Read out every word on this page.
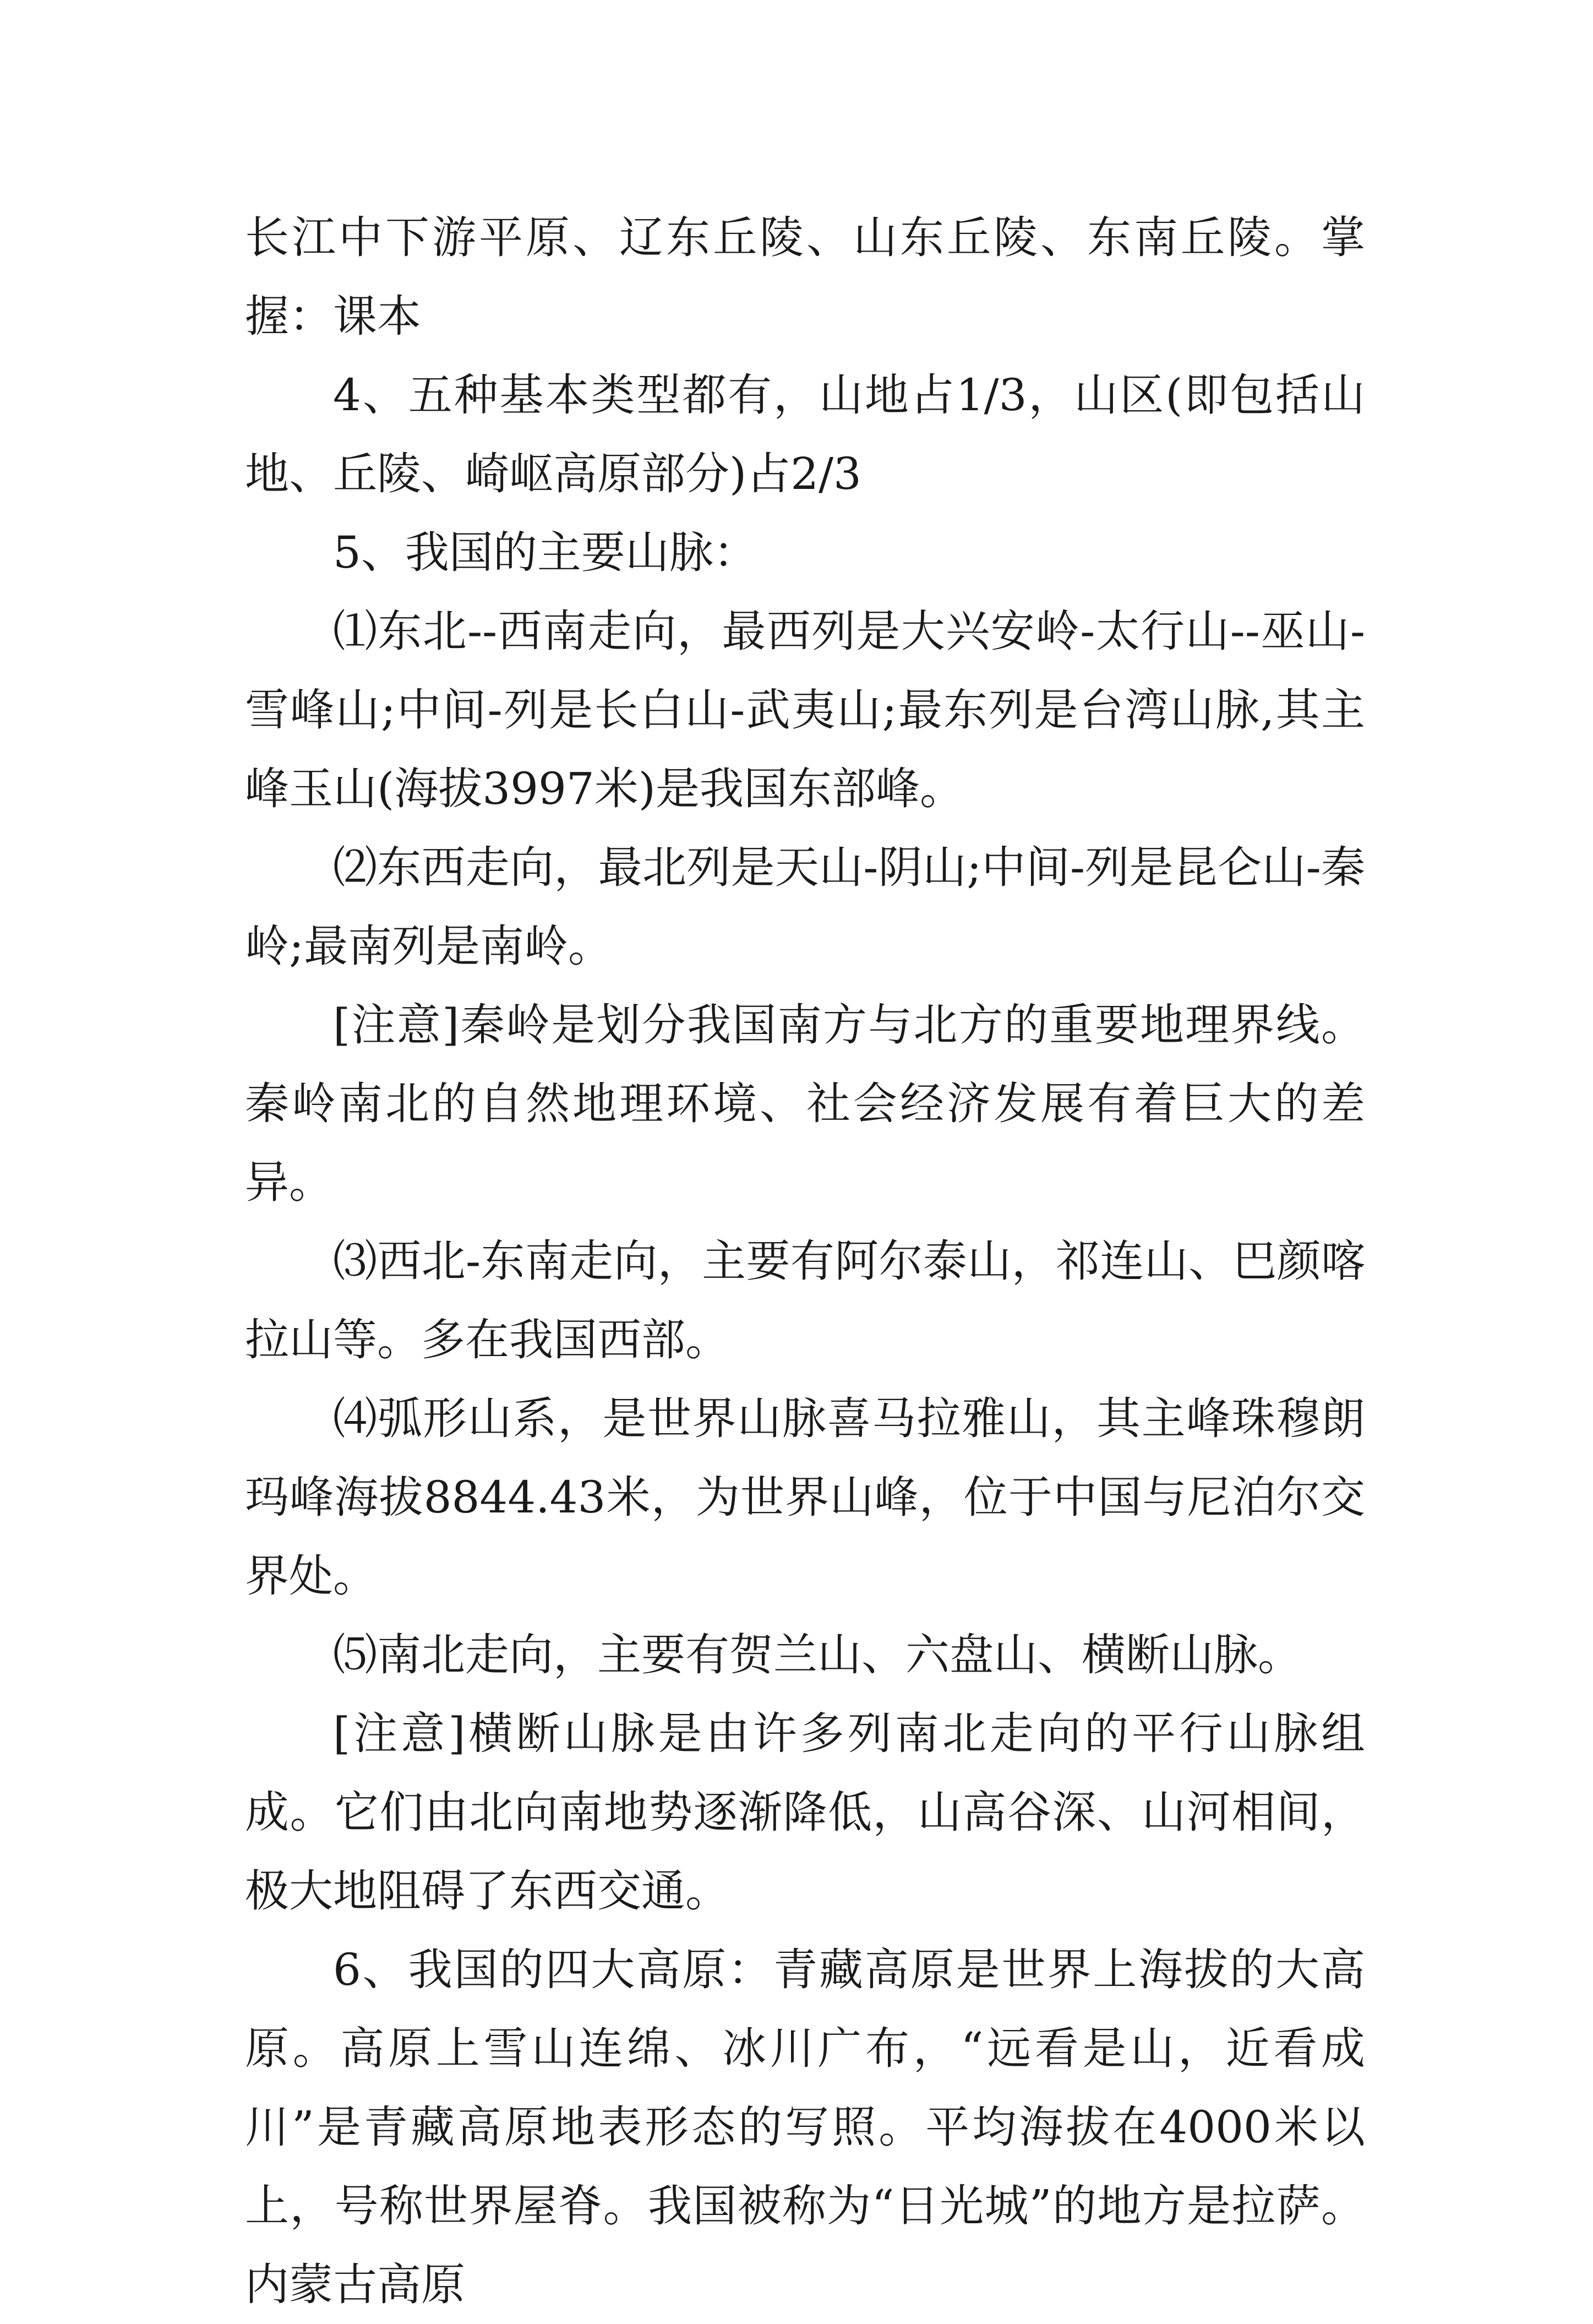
长江中下游平原、辽东丘陵、山东丘陵、东南丘陵。掌握：课本

4、五种基本类型都有，山地占1/3，山区(即包括山地、丘陵、崎岖高原部分)占2/3

5、我国的主要山脉：

⑴东北--西南走向，最西列是大兴安岭-太行山--巫山-雪峰山;中间-列是长白山-武夷山;最东列是台湾山脉,其主峰玉山(海拔3997米)是我国东部峰。

⑵东西走向，最北列是天山-阴山;中间-列是昆仑山-秦岭;最南列是南岭。

[注意]秦岭是划分我国南方与北方的重要地理界线。秦岭南北的自然地理环境、社会经济发展有着巨大的差异。

⑶西北-东南走向，主要有阿尔泰山，祁连山、巴颜喀拉山等。多在我国西部。

⑷弧形山系，是世界山脉喜马拉雅山，其主峰珠穆朗玛峰海拔8844.43米，为世界山峰，位于中国与尼泊尔交界处。

⑸南北走向，主要有贺兰山、六盘山、横断山脉。

[注意]横断山脉是由许多列南北走向的平行山脉组成。它们由北向南地势逐渐降低，山高谷深、山河相间，极大地阻碍了东西交通。

6、我国的四大高原：青藏高原是世界上海拔的大高原。高原上雪山连绵、冰川广布，“远看是山，近看成川”是青藏高原地表形态的写照。平均海拔在4000米以上，号称世界屋脊。我国被称为“日光城”的地方是拉萨。内蒙古高原
